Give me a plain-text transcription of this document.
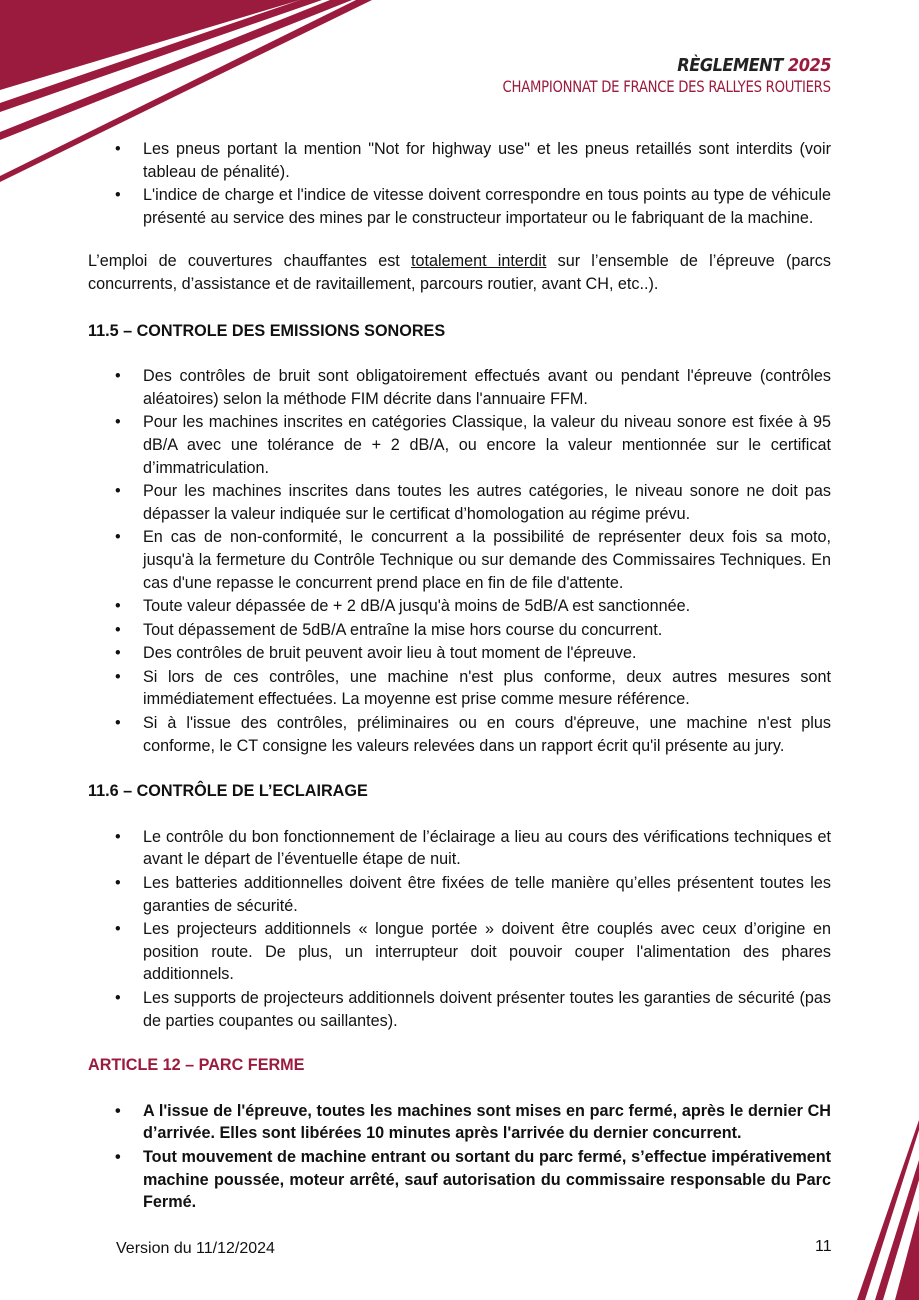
RÈGLEMENT 2025
CHAMPIONNAT DE FRANCE DES RALLYES ROUTIERS
• Les pneus portant la mention "Not for highway use" et les pneus retaillés sont interdits (voir tableau de pénalité).
• L'indice de charge et l'indice de vitesse doivent correspondre en tous points au type de véhicule présenté au service des mines par le constructeur importateur ou le fabriquant de la machine.

L’emploi de couvertures chauffantes est totalement interdit sur l’ensemble de l’épreuve (parcs concurrents, d’assistance et de ravitaillement, parcours routier, avant CH, etc..).

11.5 – CONTROLE DES EMISSIONS SONORES
• Des contrôles de bruit sont obligatoirement effectués avant ou pendant l'épreuve (contrôles aléatoires) selon la méthode FIM décrite dans l'annuaire FFM.
• Pour les machines inscrites en catégories Classique, la valeur du niveau sonore est fixée à 95 dB/A avec une tolérance de + 2 dB/A, ou encore la valeur mentionnée sur le certificat d’immatriculation.
• Pour les machines inscrites dans toutes les autres catégories, le niveau sonore ne doit pas dépasser la valeur indiquée sur le certificat d’homologation au régime prévu.
• En cas de non-conformité, le concurrent a la possibilité de représenter deux fois sa moto, jusqu'à la fermeture du Contrôle Technique ou sur demande des Commissaires Techniques. En cas d'une repasse le concurrent prend place en fin de file d'attente.
• Toute valeur dépassée de + 2 dB/A jusqu'à moins de 5dB/A est sanctionnée.
• Tout dépassement de 5dB/A entraîne la mise hors course du concurrent.
• Des contrôles de bruit peuvent avoir lieu à tout moment de l'épreuve.
• Si lors de ces contrôles, une machine n'est plus conforme, deux autres mesures sont immédiatement effectuées. La moyenne est prise comme mesure référence.
• Si à l'issue des contrôles, préliminaires ou en cours d'épreuve, une machine n'est plus conforme, le CT consigne les valeurs relevées dans un rapport écrit qu'il présente au jury.
11.6 – CONTRÔLE DE L’ECLAIRAGE
• Le contrôle du bon fonctionnement de l’éclairage a lieu au cours des vérifications techniques et avant le départ de l’éventuelle étape de nuit.
• Les batteries additionnelles doivent être fixées de telle manière qu’elles présentent toutes les garanties de sécurité.
• Les projecteurs additionnels « longue portée » doivent être couplés avec ceux d’origine en position route. De plus, un interrupteur doit pouvoir couper l'alimentation des phares additionnels.
• Les supports de projecteurs additionnels doivent présenter toutes les garanties de sécurité (pas de parties coupantes ou saillantes).
ARTICLE 12 – PARC FERME
• A l'issue de l'épreuve, toutes les machines sont mises en parc fermé, après le dernier CH d’arrivée. Elles sont libérées 10 minutes après l'arrivée du dernier concurrent.
• Tout mouvement de machine entrant ou sortant du parc fermé, s’effectue impérativement machine poussée, moteur arrêté, sauf autorisation du commissaire responsable du Parc Fermé.
Version du 11/12/2024	11
